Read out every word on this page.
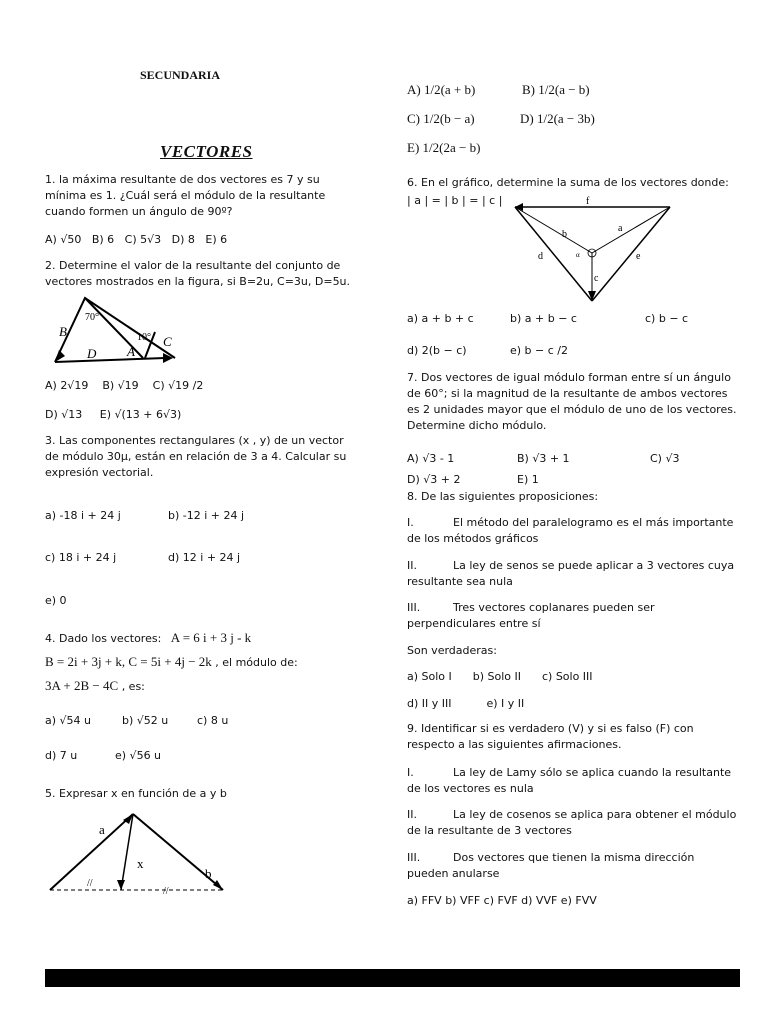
SECUNDARIA
VECTORES
1. la máxima resultante de dos vectores es 7 y su mínima es 1. ¿Cuál será el módulo de la resultante cuando formen un ángulo de 90º?
A) √50 B) 6 C) 5√3 D) 8 E) 6
2. Determine el valor de la resultante del conjunto de vectores mostrados en la figura, si B=2u, C=3u, D=5u.
70°
10°
B
C
D A
A) 2√19 B) √19 C) √19 /2
D) √13 E) √(13 + 6√3)
3. Las componentes rectangulares (x , y) de un vector de módulo 30μ, están en relación de 3 a 4. Calcular su expresión vectorial.
a) -18 i + 24 j	b) -12 i + 24 j
c) 18 i + 24 j	d) 12 i + 24 j
e) 0
4. Dado los vectores: A = 6 i + 3 j - k
B = 2i + 3j + k, C = 5i + 4j − 2k , el módulo de:
3A + 2B − 4C , es:
a) √54 u	b) √52 u	c) 8 u
d) 7 u	e) √56 u
5. Expresar x en función de a y b
//
//
a
x
b
A) 1/2(a + b)	B) 1/2(a − b)
C) 1/2(b − a)	D) 1/2(a − 3b)
E) 1/2(2a − b)
6. En el gráfico, determine la suma de los vectores donde:
| a | = | b | = | c |	f
b
a
d	e
c
α
a) a + b + c	b) a + b − c	c) b − c
d) 2(b − c)	e) b − c /2
7. Dos vectores de igual módulo forman entre sí un ángulo de 60°; si la magnitud de la resultante de ambos vectores es 2 unidades mayor que el módulo de uno de los vectores. Determine dicho módulo.
A) √3 - 1	B) √3 + 1	C) √3
D) √3 + 2	E) 1
8. De las siguientes proposiciones:
I.	El método del paralelogramo es el más importante de los métodos gráficos
II.	La ley de senos se puede aplicar a 3 vectores cuya resultante sea nula
III.	Tres vectores coplanares pueden ser perpendiculares entre sí
Son verdaderas:
a) Solo I      b) Solo II      c) Solo III
d) II y III          e) I y II
9. Identificar si es verdadero (V) y si es falso (F) con respecto a las siguientes afirmaciones.
I.	La ley de Lamy sólo se aplica cuando la resultante de los vectores es nula
II.	La ley de cosenos se aplica para obtener el módulo de la resultante de 3 vectores
III.	Dos vectores que tienen la misma dirección pueden anularse
a) FFV b) VFF c) FVF d) VVF e) FVV
